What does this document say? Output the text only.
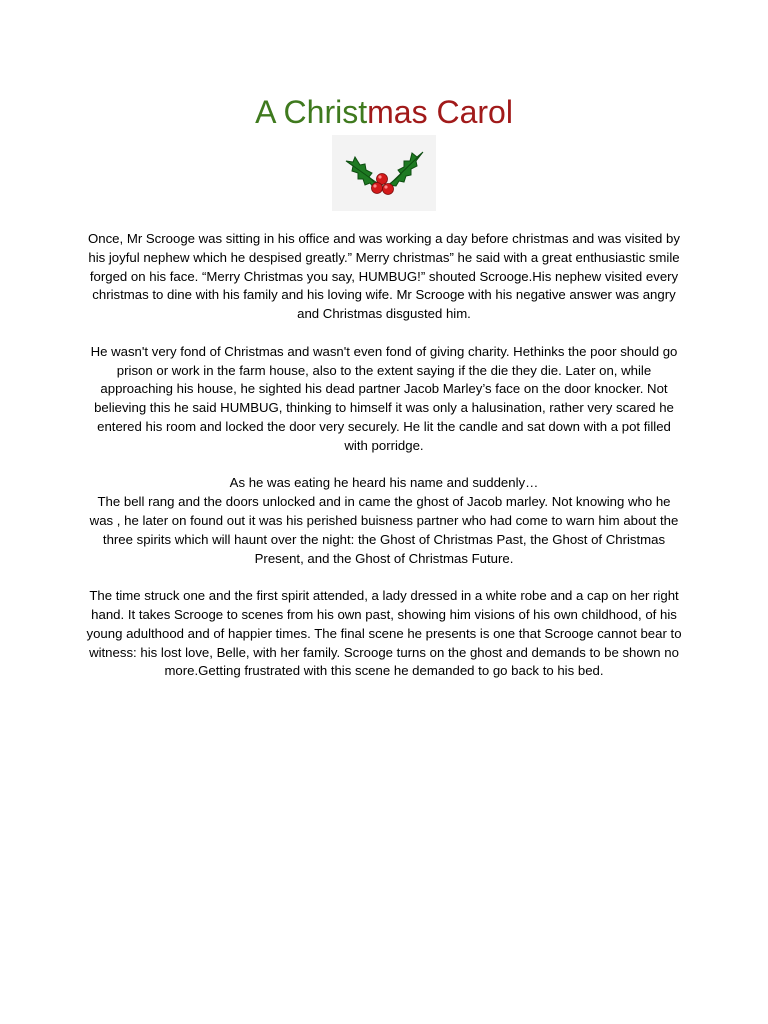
A Christmas Carol

Once, Mr Scrooge was sitting in his office and was working a day before christmas and was visited by his joyful nephew which he despised greatly.” Merry christmas” he said with a great enthusiastic smile forged on his face. “Merry Christmas you say, HUMBUG!” shouted Scrooge.His nephew visited every christmas to dine with his family and his loving wife. Mr Scrooge with his negative answer was angry and Christmas disgusted him.

He wasn't very fond of Christmas and wasn't even fond of giving charity. Hethinks the poor should go prison or work in the farm house, also to the extent saying if the die they die. Later on, while approaching his house, he sighted his dead partner Jacob Marley’s face on the door knocker. Not believing this he said HUMBUG, thinking to himself it was only a halusination, rather very scared he entered his room and locked the door very securely. He lit the candle and sat down with a pot filled with porridge.

As he was eating he heard his name and suddenly…

The bell rang and the doors unlocked and in came the ghost of Jacob marley. Not knowing who he was , he later on found out it was his perished buisness partner who had come to warn him about the three spirits which will haunt over the night: the Ghost of Christmas Past, the Ghost of Christmas Present, and the Ghost of Christmas Future.

The time struck one and the first spirit attended, a lady dressed in a white robe and a cap on her right hand. It takes Scrooge to scenes from his own past, showing him visions of his own childhood, of his young adulthood and of happier times. The final scene he presents is one that Scrooge cannot bear to witness: his lost love, Belle, with her family. Scrooge turns on the ghost and demands to be shown no more.Getting frustrated with this scene he demanded to go back to his bed.
